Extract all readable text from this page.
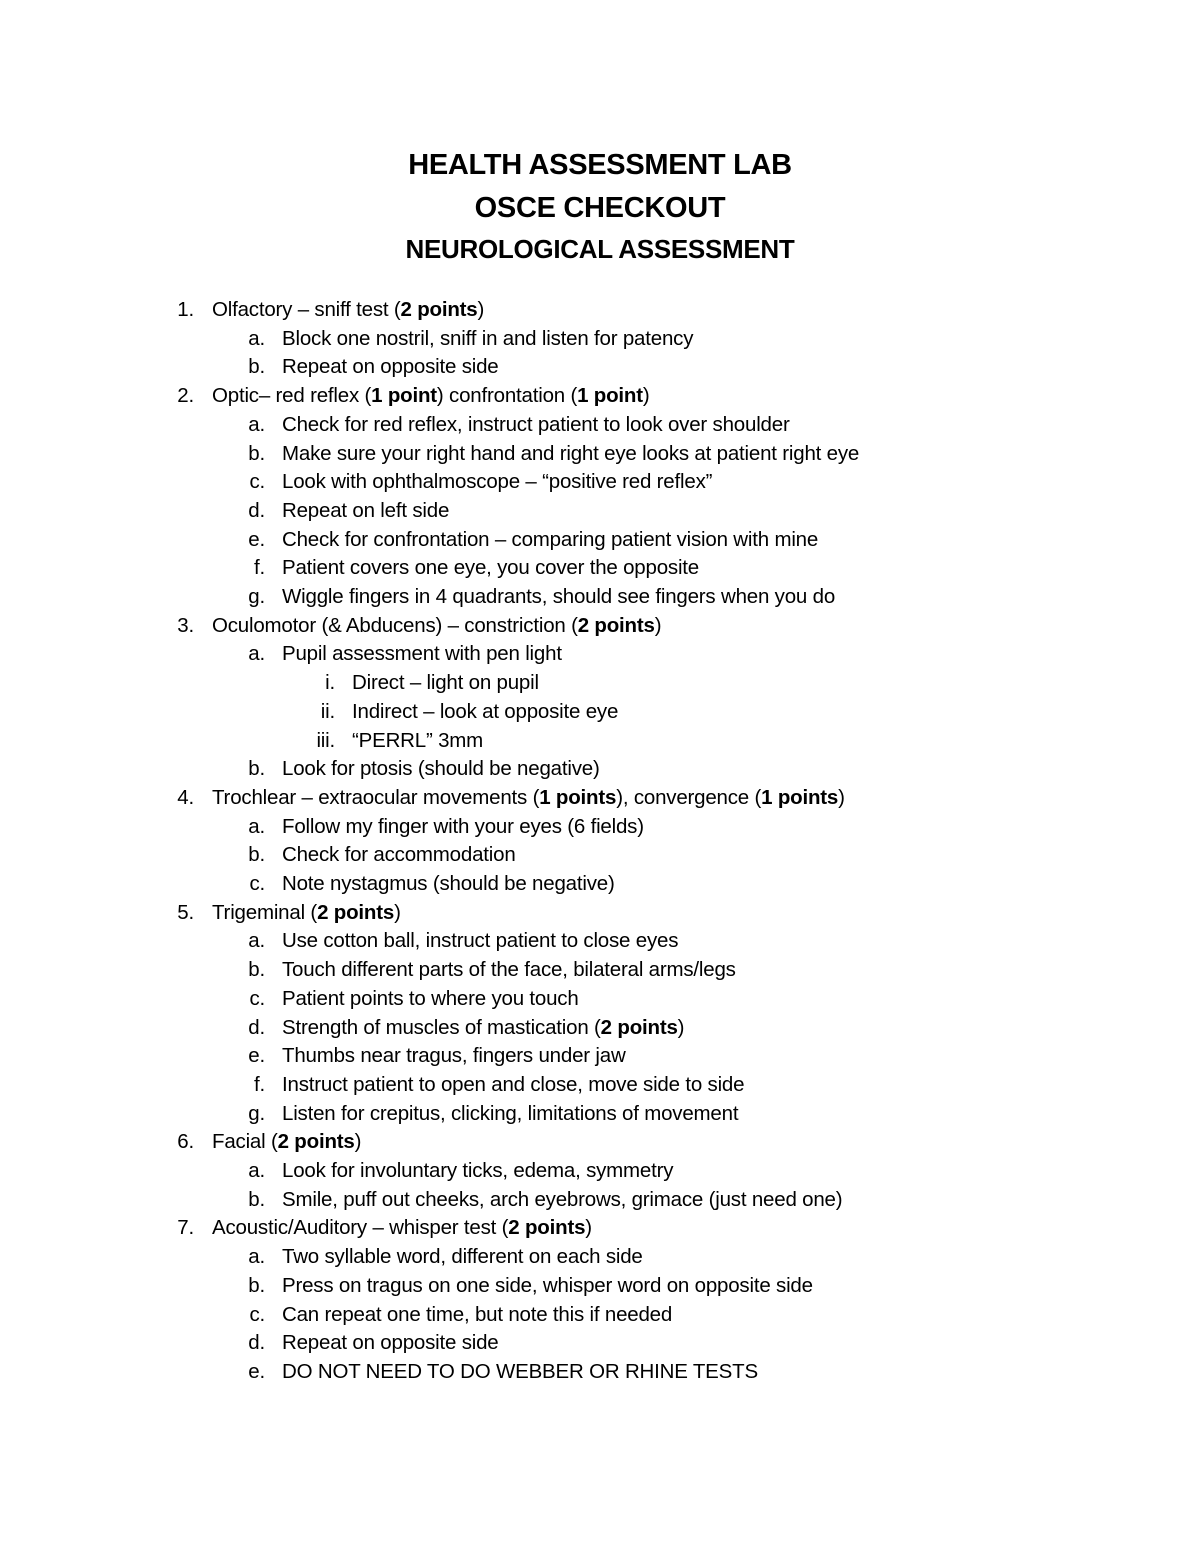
HEALTH ASSESSMENT LAB
OSCE CHECKOUT
NEUROLOGICAL ASSESSMENT
1. Olfactory – sniff test (2 points)
a. Block one nostril, sniff in and listen for patency
b. Repeat on opposite side
2. Optic– red reflex (1 point) confrontation (1 point)
a. Check for red reflex, instruct patient to look over shoulder
b. Make sure your right hand and right eye looks at patient right eye
c. Look with ophthalmoscope – “positive red reflex”
d. Repeat on left side
e. Check for confrontation – comparing patient vision with mine
f. Patient covers one eye, you cover the opposite
g. Wiggle fingers in 4 quadrants, should see fingers when you do
3. Oculomotor (& Abducens) – constriction (2 points)
a. Pupil assessment with pen light
i. Direct – light on pupil
ii. Indirect – look at opposite eye
iii. “PERRL” 3mm
b. Look for ptosis (should be negative)
4. Trochlear – extraocular movements (1 points), convergence (1 points)
a. Follow my finger with your eyes (6 fields)
b. Check for accommodation
c. Note nystagmus (should be negative)
5. Trigeminal (2 points)
a. Use cotton ball, instruct patient to close eyes
b. Touch different parts of the face, bilateral arms/legs
c. Patient points to where you touch
d. Strength of muscles of mastication (2 points)
e. Thumbs near tragus, fingers under jaw
f. Instruct patient to open and close, move side to side
g. Listen for crepitus, clicking, limitations of movement
6. Facial (2 points)
a. Look for involuntary ticks, edema, symmetry
b. Smile, puff out cheeks, arch eyebrows, grimace (just need one)
7. Acoustic/Auditory – whisper test (2 points)
a. Two syllable word, different on each side
b. Press on tragus on one side, whisper word on opposite side
c. Can repeat one time, but note this if needed
d. Repeat on opposite side
e. DO NOT NEED TO DO WEBBER OR RHINE TESTS
